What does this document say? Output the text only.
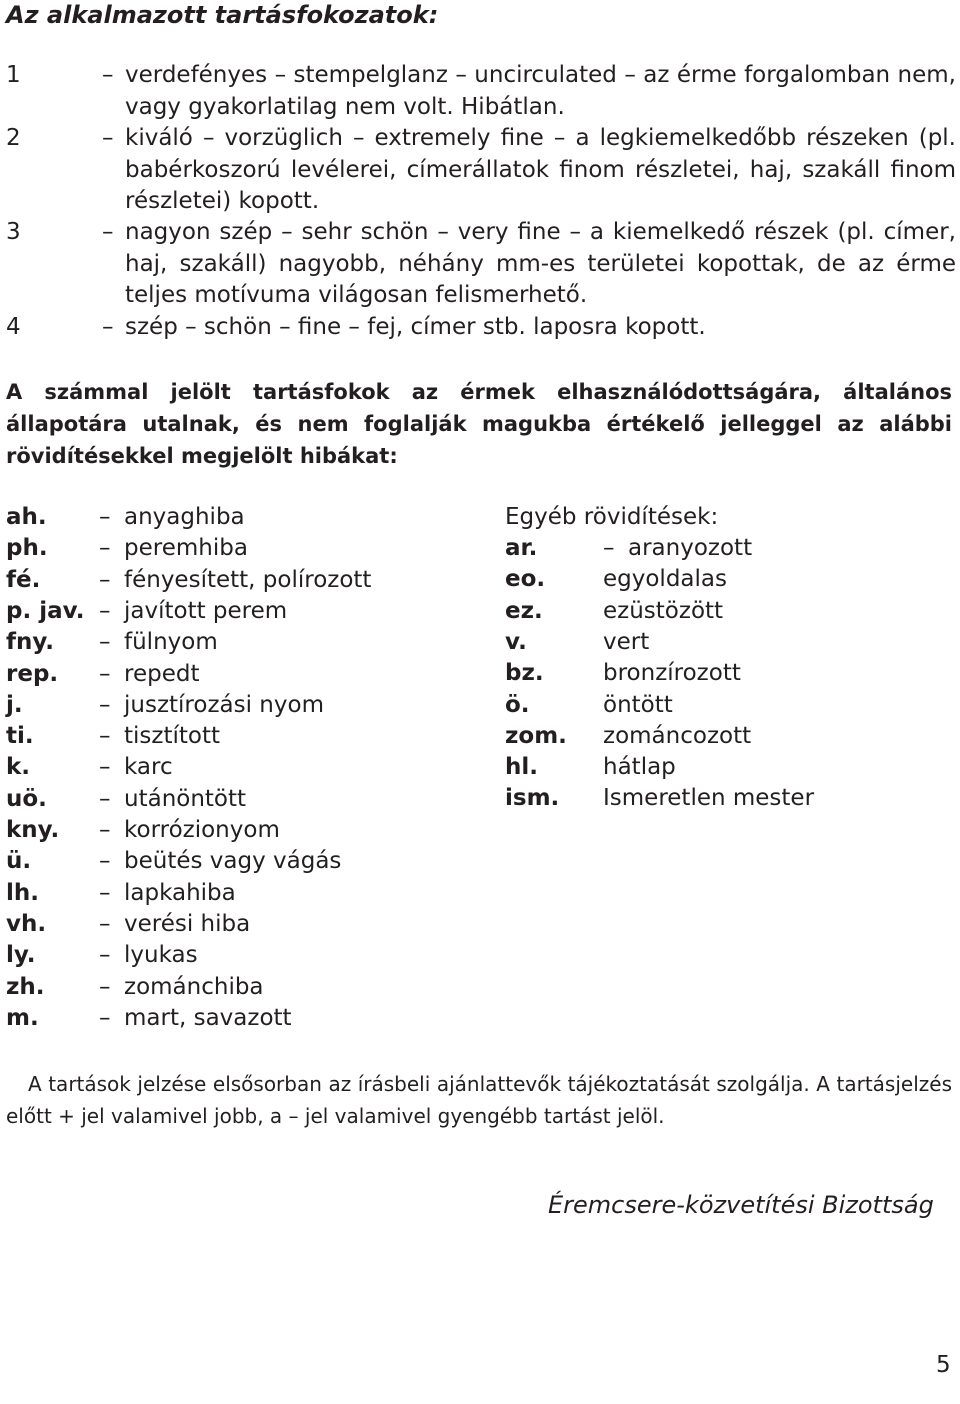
Az alkalmazott tartásfokozatok:
1	– verdefényes – stempelglanz – uncirculated – az érme forgalomban nem, vagy gyakorlatilag nem volt. Hibátlan.
2	– kiváló – vorzüglich – extremely fine – a legkiemelkedőbb részeken (pl. babérkoszorú levélerei, címerállatok finom részletei, haj, szakáll finom részletei) kopott.
3	– nagyon szép – sehr schön – very fine – a kiemelkedő részek (pl. címer, haj, szakáll) nagyobb, néhány mm-es területei kopottak, de az érme teljes motívuma világosan felismerhető.
4	– szép – schön – fine – fej, címer stb. laposra kopott.
A számmal jelölt tartásfokok az érmek elhasználódottságára, általános állapotára utalnak, és nem foglalják magukba értékelő jelleggel az alábbi rövidítésekkel megjelölt hibákat:
ah. – anyaghiba
ph. – peremhiba
fé.	– fényesített, polírozott
p. jav. – javított perem
fny. – fülnyom
rep. – repedt
j.	– jusztírozási nyom
ti.	– tisztított
k.	– karc
uö. – utánöntött
kny. – korrózionyom
ü.	– beütés vagy vágás
lh.	– lapkahiba
vh. – verési hiba
ly.	– lyukas
zh. – zománchiba
m.	– mart, savazott
Egyéb rövidítések:
ar.	– aranyozott
eo.	egyoldalas
ez.	ezüstözött
v.	vert
bz.	bronzírozott
ö.	öntött
zom. zománcozott
hl.	hátlap
ism. Ismeretlen mester
A tartások jelzése elsősorban az írásbeli ajánlattevők tájékoztatását szolgálja. A tartásjelzés előtt + jel valamivel jobb, a – jel valamivel gyengébb tartást jelöl.
Éremcsere-közvetítési Bizottság
5
